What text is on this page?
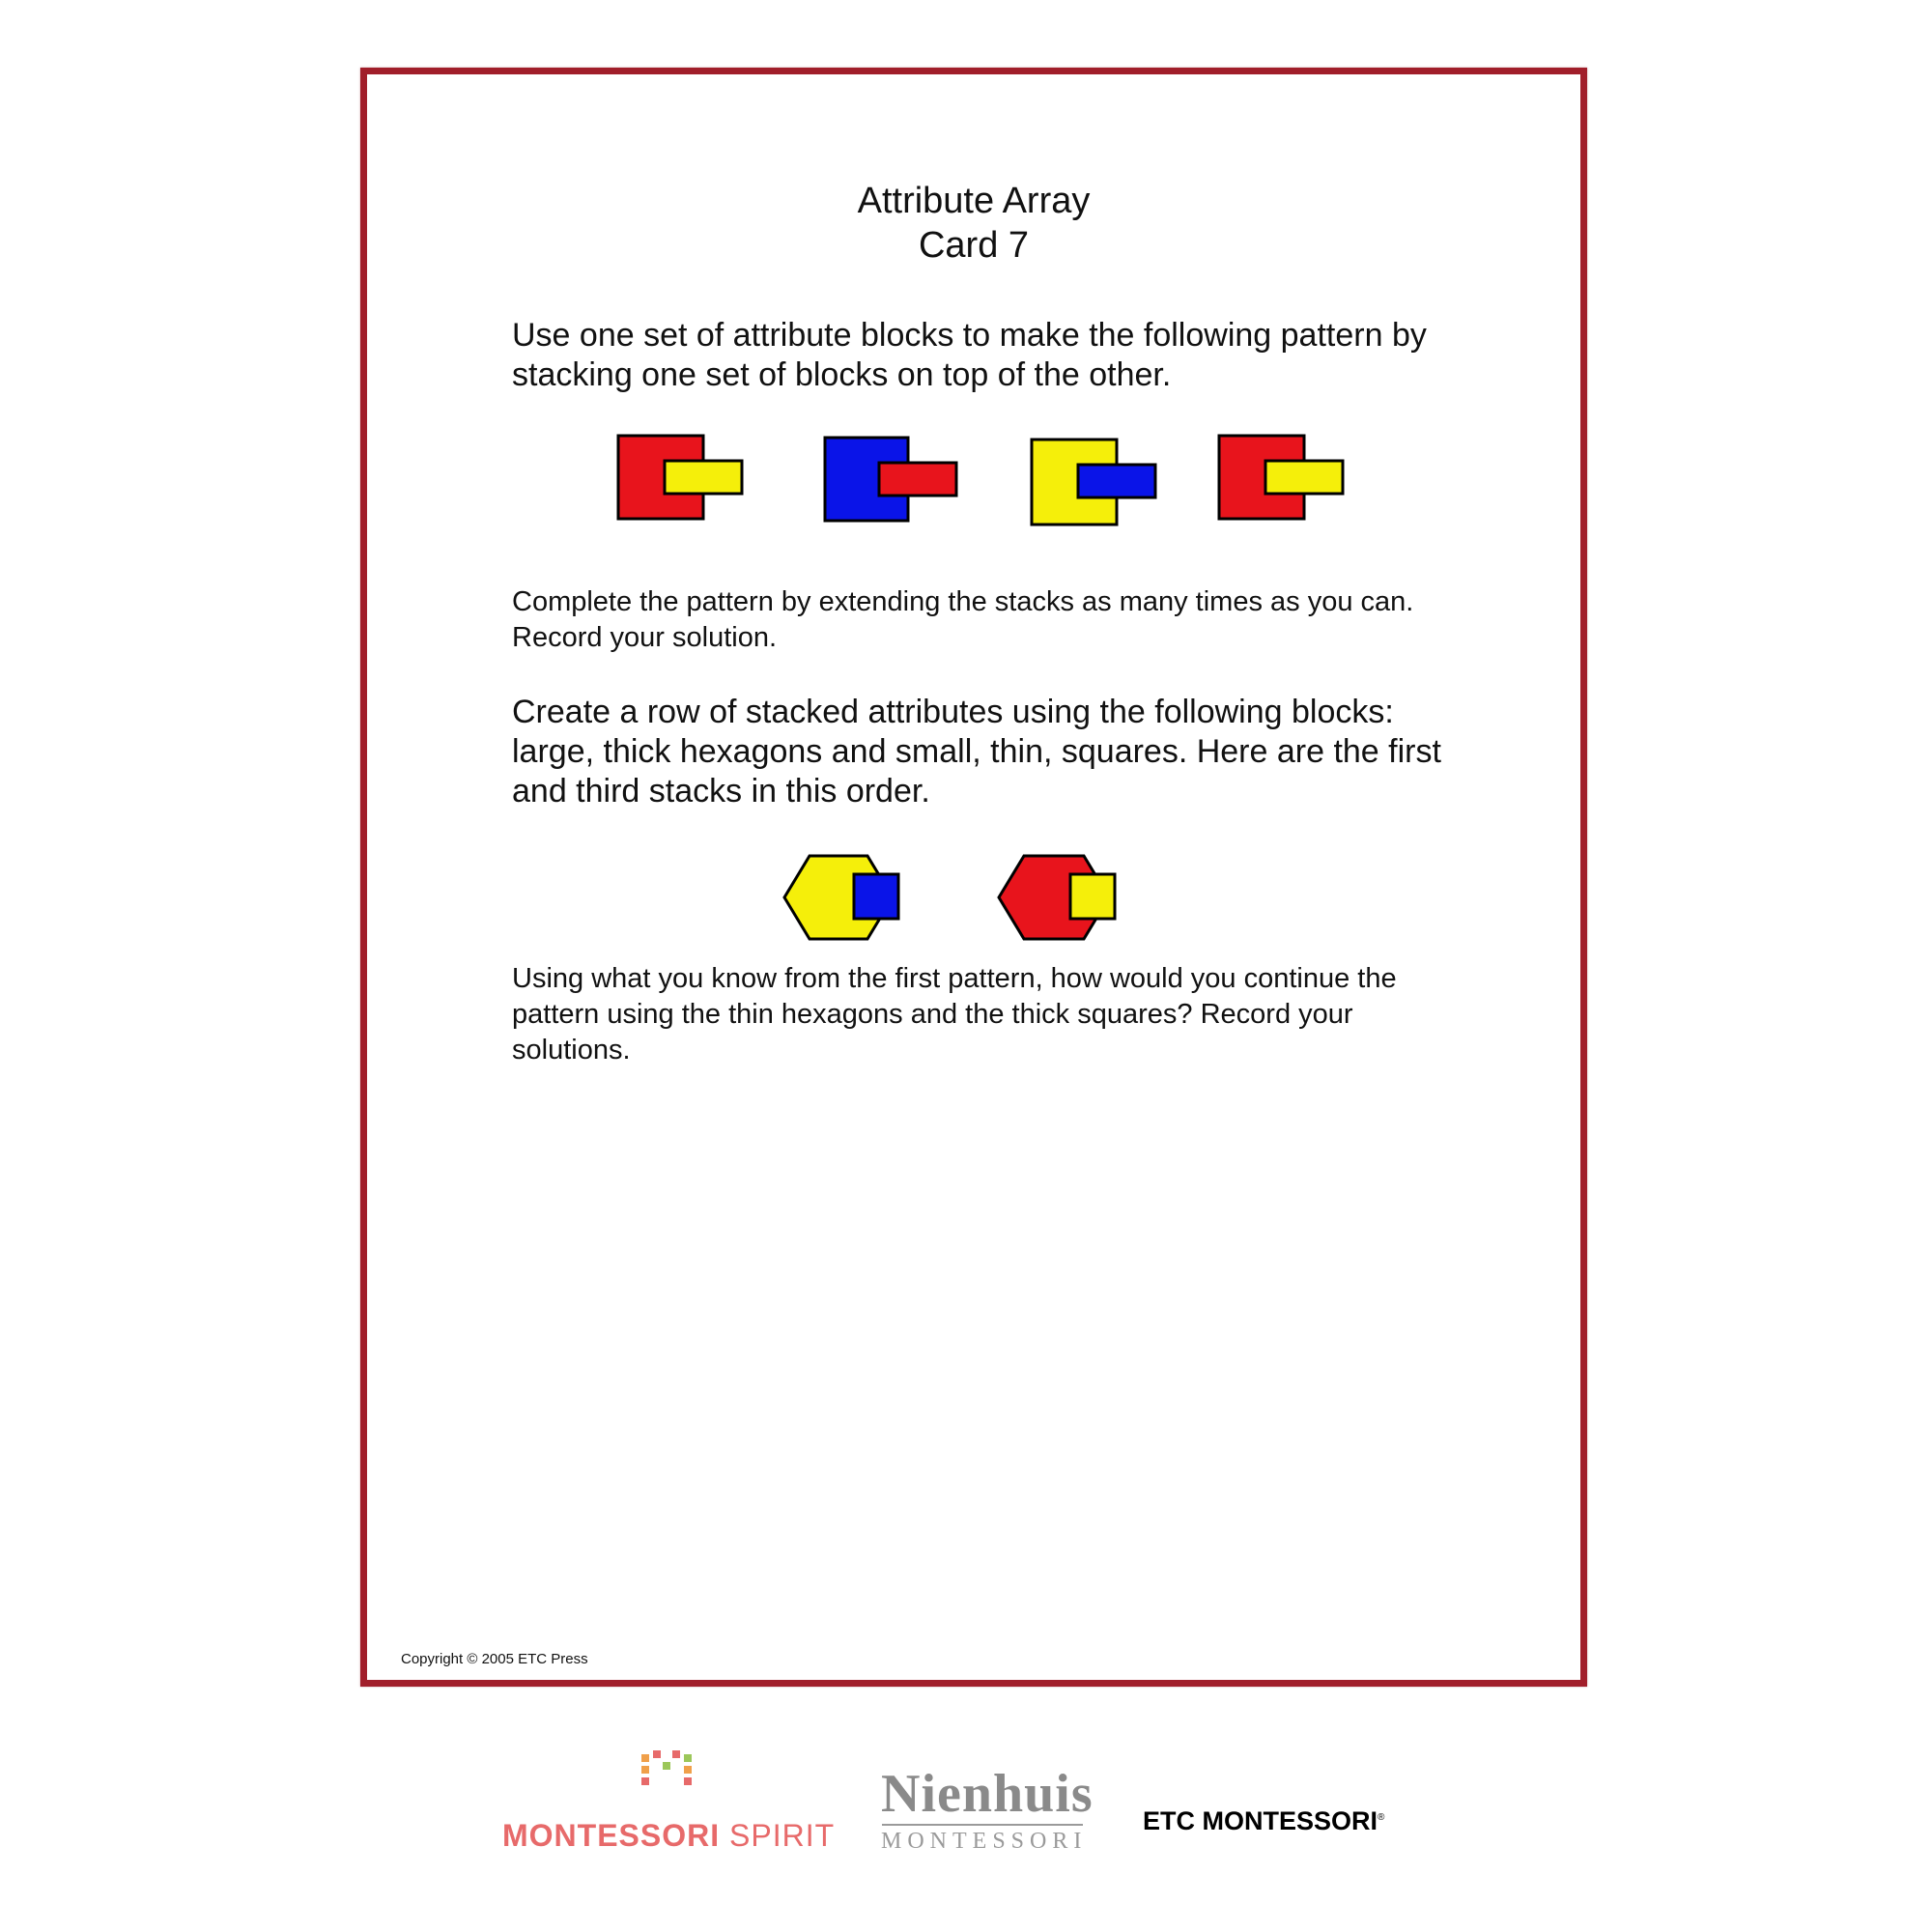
Attribute Array
Card 7
Use one set of attribute blocks to make the following pattern by stacking one set of blocks on top of the other.
Complete the pattern by extending the stacks as many times as you can. Record your solution.
Create a row of stacked attributes using the following blocks: large, thick hexagons and small, thin, squares. Here are the first and third stacks in this order.
Using what you know from the first pattern, how would you continue the pattern using the thin hexagons and the thick squares? Record your solutions.
Copyright © 2005 ETC Press
MONTESSORI SPIRIT
Nienhuis
MONTESSORI
ETC MONTESSORI®
